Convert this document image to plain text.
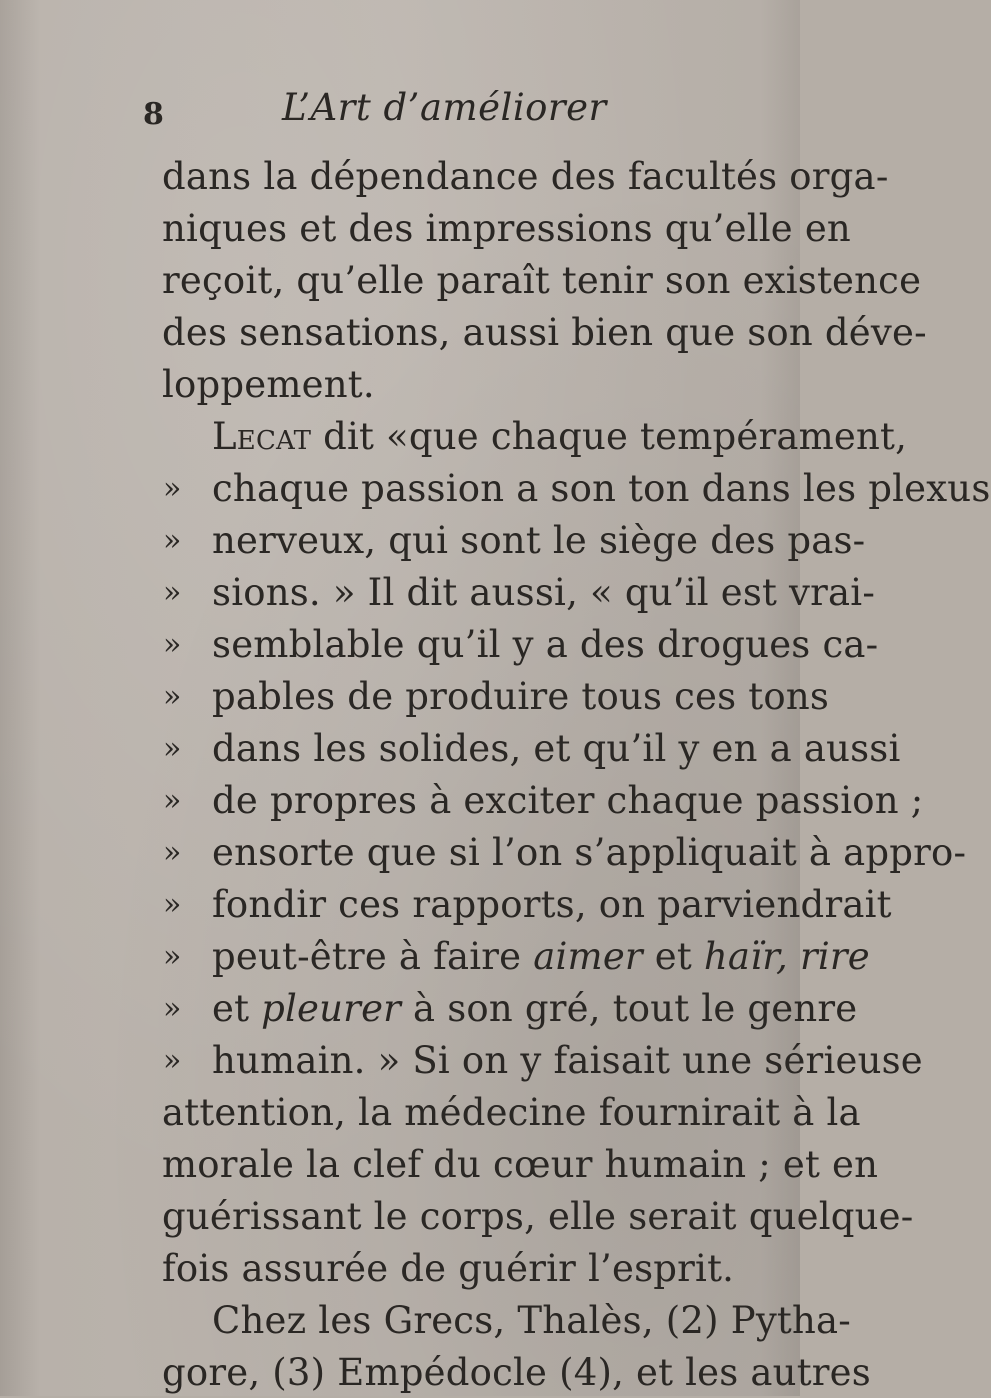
8	L’Art d’améliorer
dans la dépendance des facultés orga-
niques et des impressions qu’elle en
reçoit, qu’elle paraît tenir son existence
des sensations, aussi bien que son déve-
loppement.
Lecat dit «que chaque tempérament,
» chaque passion a son ton dans les plexus
» nerveux, qui sont le siège des pas-
» sions. » Il dit aussi, « qu’il est vrai-
» semblable qu’il y a des drogues ca-
» pables de produire tous ces tons
» dans les solides, et qu’il y en a aussi
» de propres à exciter chaque passion ;
» ensorte que si l’on s’appliquait à appro-
» fondir ces rapports, on parviendrait
» peut-être à faire aimer et haïr, rire
» et pleurer à son gré, tout le genre
» humain. » Si on y faisait une sérieuse
attention, la médecine fournirait à la
morale la clef du cœur humain ; et en
guérissant le corps, elle serait quelque-
fois assurée de guérir l’esprit.
Chez les Grecs, Thalès, (2) Pytha-
gore, (3) Empédocle (4), et les autres
